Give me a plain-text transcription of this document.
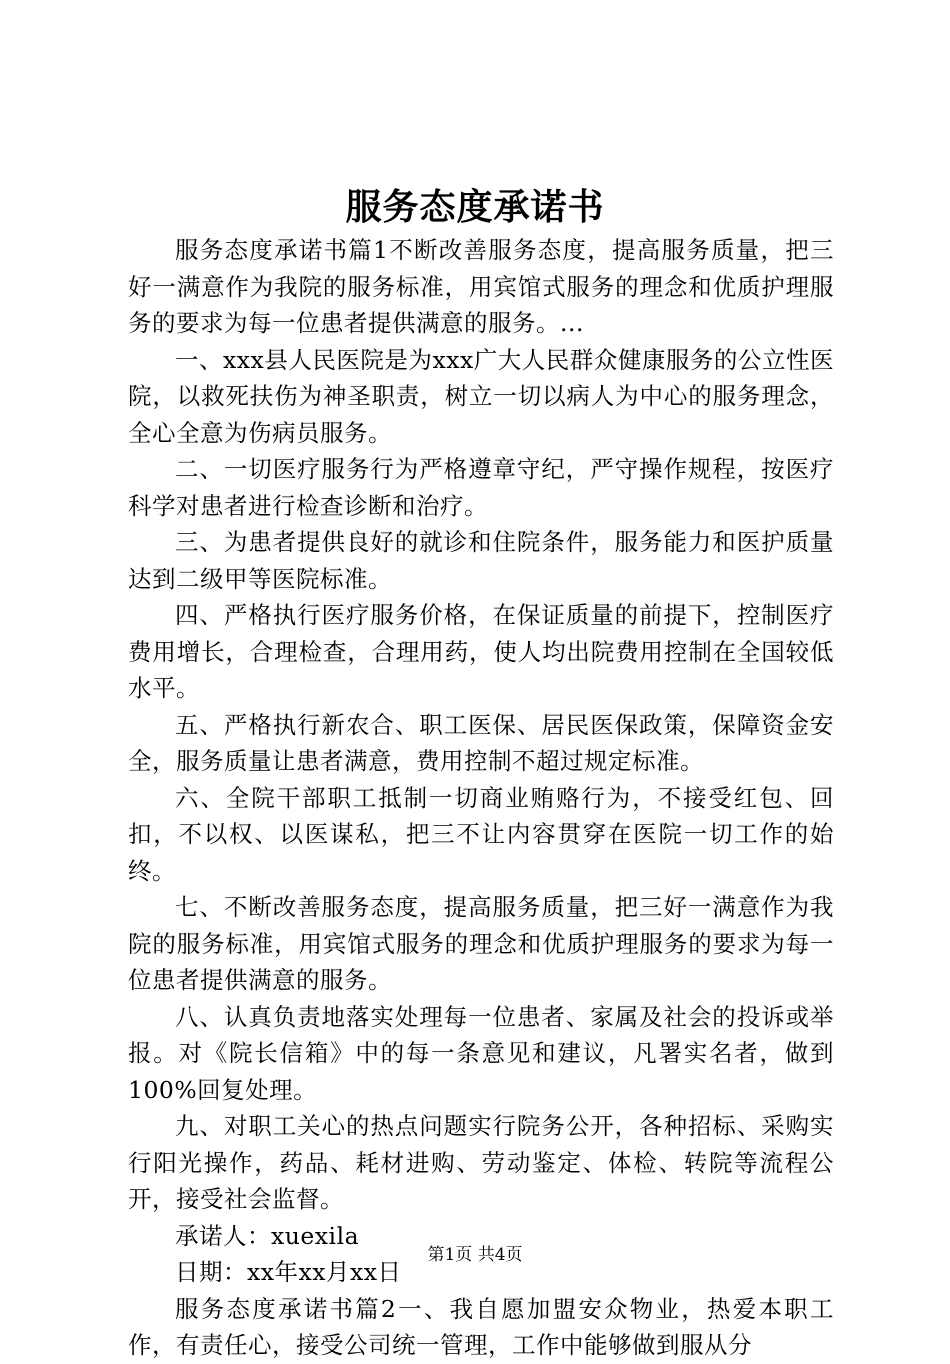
服务态度承诺书

服务态度承诺书篇1不断改善服务态度，提高服务质量，把三好一满意作为我院的服务标准，用宾馆式服务的理念和优质护理服务的要求为每一位患者提供满意的服务。...

一、xxx县人民医院是为xxx广大人民群众健康服务的公立性医院，以救死扶伤为神圣职责，树立一切以病人为中心的服务理念，全心全意为伤病员服务。

二、一切医疗服务行为严格遵章守纪，严守操作规程，按医疗科学对患者进行检查诊断和治疗。

三、为患者提供良好的就诊和住院条件，服务能力和医护质量达到二级甲等医院标准。

四、严格执行医疗服务价格，在保证质量的前提下，控制医疗费用增长，合理检查，合理用药，使人均出院费用控制在全国较低水平。

五、严格执行新农合、职工医保、居民医保政策，保障资金安全，服务质量让患者满意，费用控制不超过规定标准。

六、全院干部职工抵制一切商业贿赂行为，不接受红包、回扣，不以权、以医谋私，把三不让内容贯穿在医院一切工作的始终。

七、不断改善服务态度，提高服务质量，把三好一满意作为我院的服务标准，用宾馆式服务的理念和优质护理服务的要求为每一位患者提供满意的服务。

八、认真负责地落实处理每一位患者、家属及社会的投诉或举报。对《院长信箱》中的每一条意见和建议，凡署实名者，做到100%回复处理。

九、对职工关心的热点问题实行院务公开，各种招标、采购实行阳光操作，药品、耗材进购、劳动鉴定、体检、转院等流程公开，接受社会监督。

承诺人：xuexila

日期：xx年xx月xx日

服务态度承诺书篇2一、我自愿加盟安众物业，热爱本职工作，有责任心，接受公司统一管理，工作中能够做到服从分

第1页 共4页
